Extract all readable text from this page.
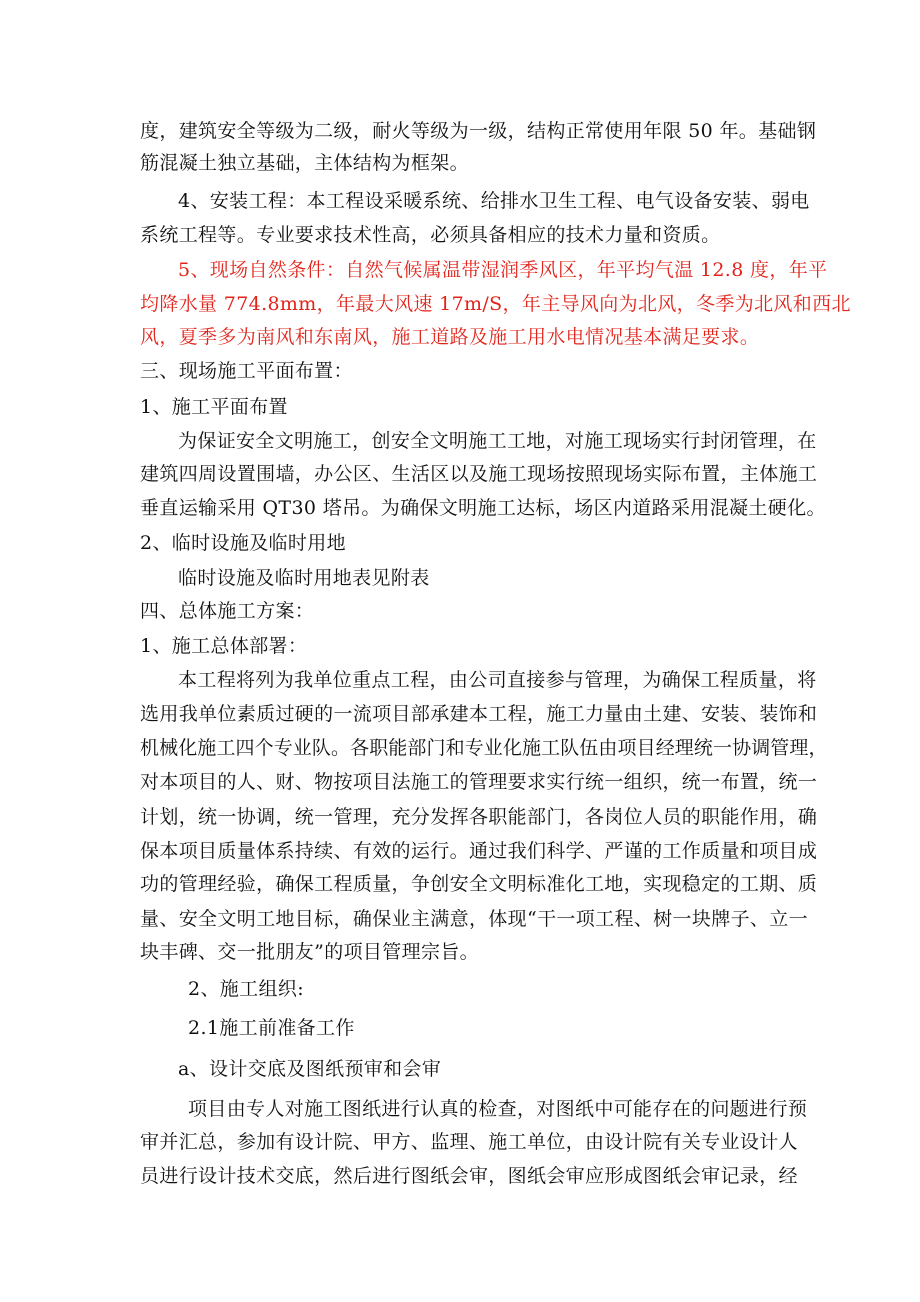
度，建筑安全等级为二级，耐火等级为一级，结构正常使用年限 50 年。基础钢
筋混凝土独立基础，主体结构为框架。
4、安装工程：本工程设采暖系统、给排水卫生工程、电气设备安装、弱电
系统工程等。专业要求技术性高，必须具备相应的技术力量和资质。
5、现场自然条件：自然气候属温带湿润季风区，年平均气温 12.8 度，年平
均降水量 774.8mm，年最大风速 17m/S，年主导风向为北风，冬季为北风和西北
风，夏季多为南风和东南风，施工道路及施工用水电情况基本满足要求。
三、现场施工平面布置：
1、施工平面布置
为保证安全文明施工，创安全文明施工工地，对施工现场实行封闭管理，在
建筑四周设置围墙，办公区、生活区以及施工现场按照现场实际布置，主体施工
垂直运输采用 QT30 塔吊。为确保文明施工达标，场区内道路采用混凝土硬化。
2、临时设施及临时用地
临时设施及临时用地表见附表
四、总体施工方案：
1、施工总体部署：
本工程将列为我单位重点工程，由公司直接参与管理，为确保工程质量，将
选用我单位素质过硬的一流项目部承建本工程，施工力量由土建、安装、装饰和
机械化施工四个专业队。各职能部门和专业化施工队伍由项目经理统一协调管理，
对本项目的人、财、物按项目法施工的管理要求实行统一组织，统一布置，统一
计划，统一协调，统一管理，充分发挥各职能部门，各岗位人员的职能作用，确
保本项目质量体系持续、有效的运行。通过我们科学、严谨的工作质量和项目成
功的管理经验，确保工程质量，争创安全文明标准化工地，实现稳定的工期、质
量、安全文明工地目标，确保业主满意，体现“干一项工程、树一块牌子、立一
块丰碑、交一批朋友”的项目管理宗旨。
2、施工组织:
2.1施工前准备工作
a、设计交底及图纸预审和会审
项目由专人对施工图纸进行认真的检查，对图纸中可能存在的问题进行预
审并汇总，参加有设计院、甲方、监理、施工单位，由设计院有关专业设计人
员进行设计技术交底，然后进行图纸会审，图纸会审应形成图纸会审记录，经
